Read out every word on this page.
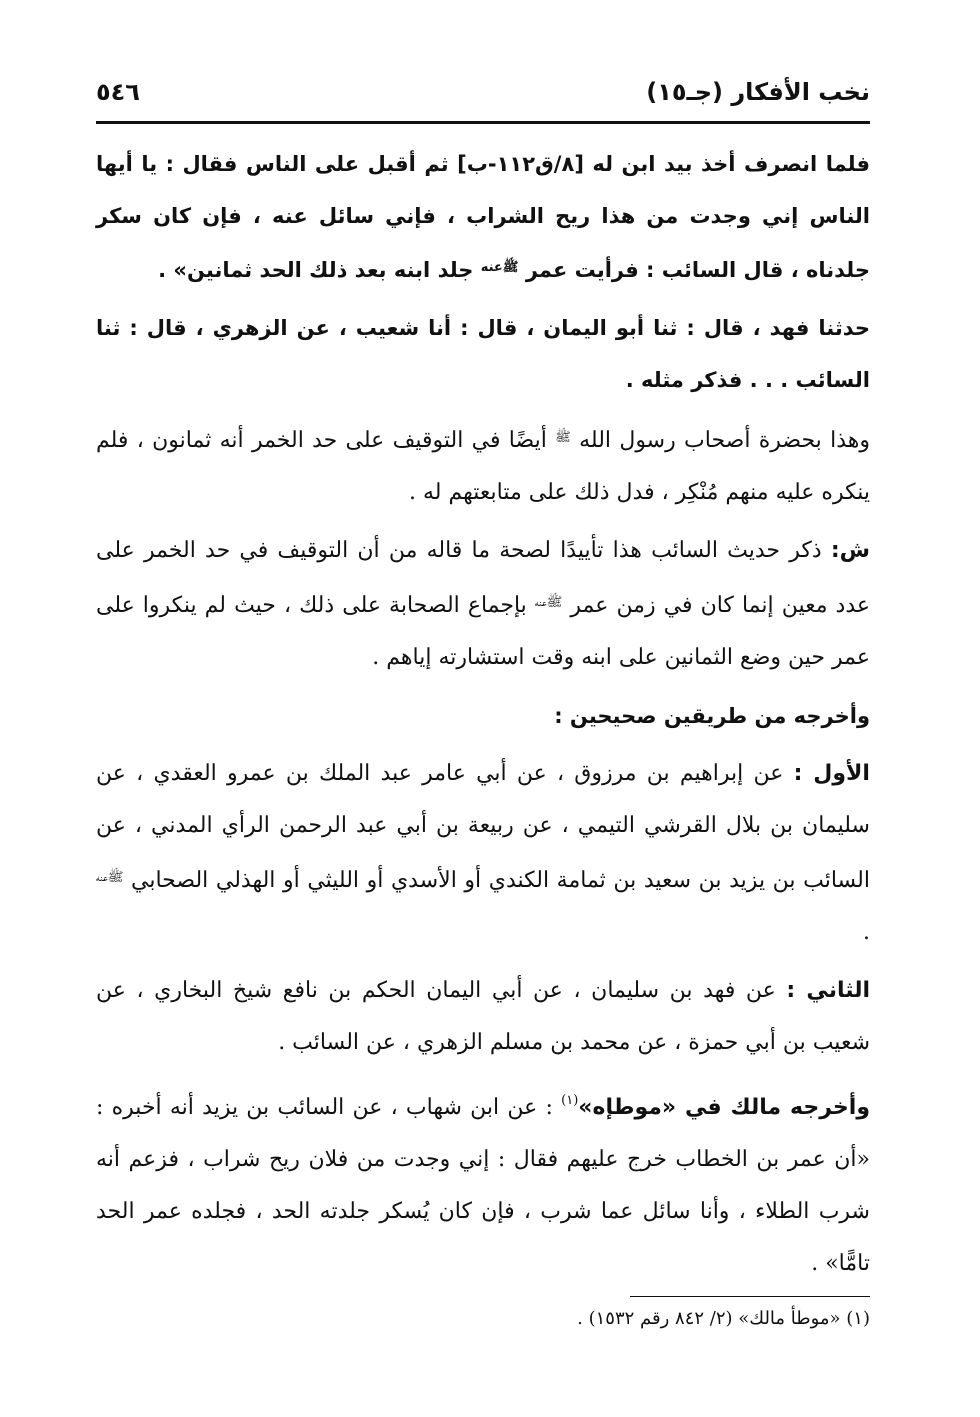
نخب الأفكار (جـ١٥)
٥٤٦

فلما انصرف أخذ بيد ابن له [٨/ق١١٢-ب] ثم أقبل على الناس فقال : يا أيها الناس إني وجدت من هذا ريح الشراب ، فإني سائل عنه ، فإن كان سكر جلدناه ، قال السائب : فرأيت عمر $^{ﷺعنه}$ جلد ابنه بعد ذلك الحد ثمانين» .

حدثنا فهد ، قال : ثنا أبو اليمان ، قال : أنا شعيب ، عن الزهري ، قال : ثنا السائب . . . فذكر مثله .

وهذا بحضرة أصحاب رسول الله $^ﷺ$ أيضًا في التوقيف على حد الخمر أنه ثمانون ، فلم ينكره عليه منهم مُنْكِر ، فدل ذلك على متابعتهم له .

ش: ذكر حديث السائب هذا تأييدًا لصحة ما قاله من أن التوقيف في حد الخمر على عدد معين إنما كان في زمن عمر $^{ﷺعنه}$ بإجماع الصحابة على ذلك ، حيث لم ينكروا على عمر حين وضع الثمانين على ابنه وقت استشارته إياهم .

وأخرجه من طريقين صحيحين :

الأول : عن إبراهيم بن مرزوق ، عن أبي عامر عبد الملك بن عمرو العقدي ، عن سليمان بن بلال القرشي التيمي ، عن ربيعة بن أبي عبد الرحمن الرأي المدني ، عن السائب بن يزيد بن سعيد بن ثمامة الكندي أو الأسدي أو الليثي أو الهذلي الصحابي $^{ﷺعنه}$ .

الثاني : عن فهد بن سليمان ، عن أبي اليمان الحكم بن نافع شيخ البخاري ، عن شعيب بن أبي حمزة ، عن محمد بن مسلم الزهري ، عن السائب .

وأخرجه مالك في «موطإه»$^{(١)}$ : عن ابن شهاب ، عن السائب بن يزيد أنه أخبره : «أن عمر بن الخطاب خرج عليهم فقال : إني وجدت من فلان ريح شراب ، فزعم أنه شرب الطلاء ، وأنا سائل عما شرب ، فإن كان يُسكر جلدته الحد ، فجلده عمر الحد تامًّا» .

(١) «موطأ مالك» (٢/ ٨٤٢ رقم ١٥٣٢) .
